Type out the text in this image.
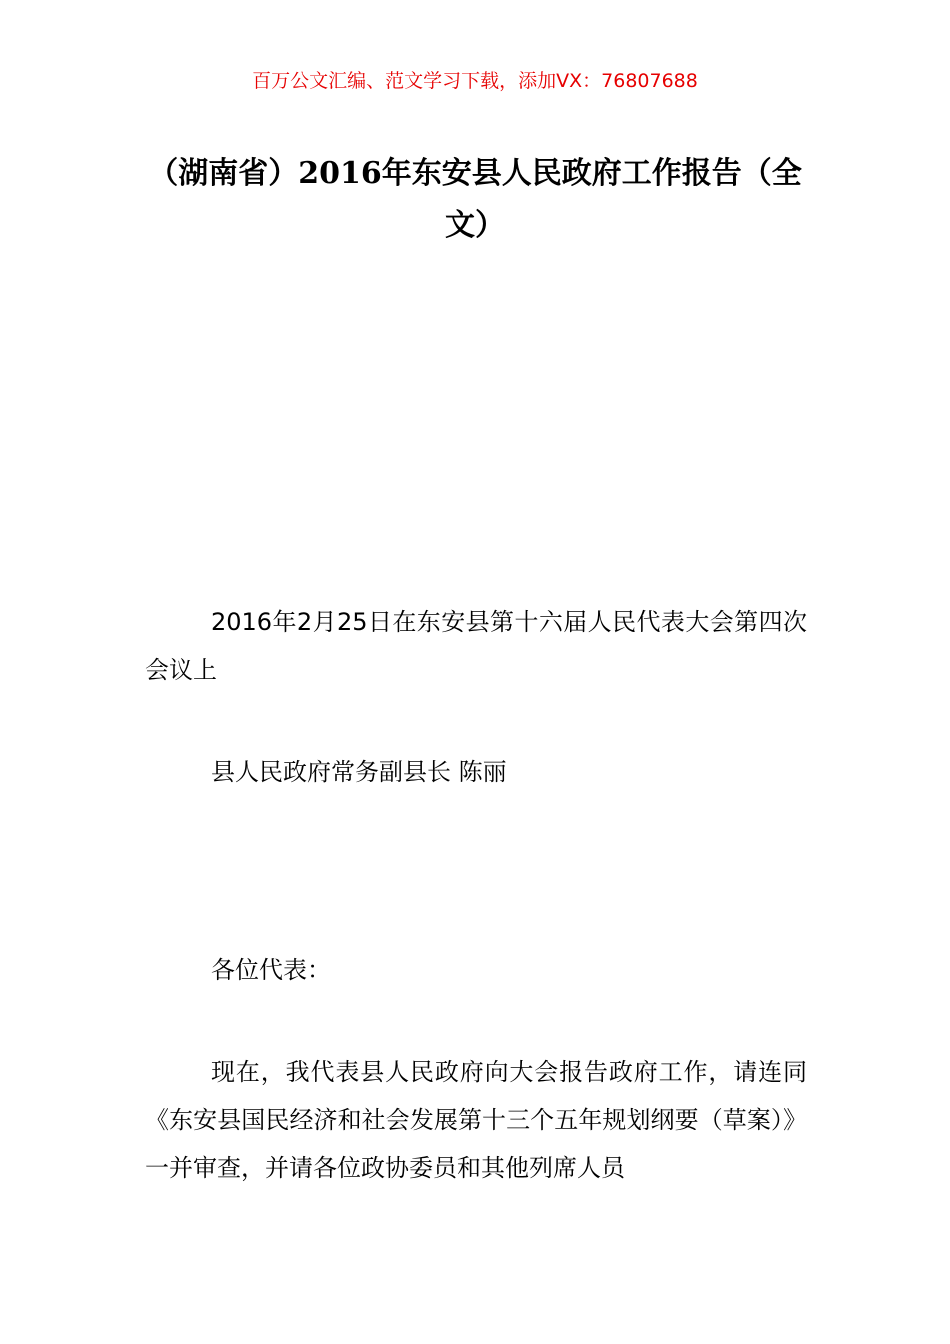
百万公文汇编、范文学习下载，添加VX：76807688
（湖南省）2016年东安县人民政府工作报告（全文）
2016年2月25日在东安县第十六届人民代表大会第四次会议上
县人民政府常务副县长 陈丽
各位代表：
现在，我代表县人民政府向大会报告政府工作，请连同《东安县国民经济和社会发展第十三个五年规划纲要（草案）》一并审查，并请各位政协委员和其他列席人员
